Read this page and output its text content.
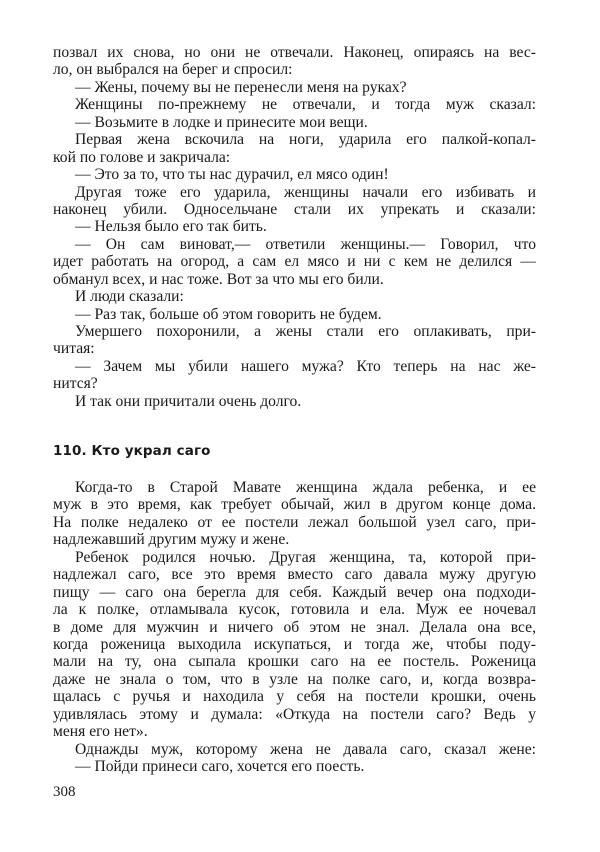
позвал их снова, но они не отвечали. Наконец, опираясь на вес-
ло, он выбрался на берег и спросил:
— Жены, почему вы не перенесли меня на руках?
Женщины по-прежнему не отвечали, и тогда муж сказал:
— Возьмите в лодке и принесите мои вещи.
Первая жена вскочила на ноги, ударила его палкой-копал-
кой по голове и закричала:
— Это за то, что ты нас дурачил, ел мясо один!
Другая тоже его ударила, женщины начали его избивать и
наконец убили. Односельчане стали их упрекать и сказали:
— Нельзя было его так бить.
— Он сам виноват,— ответили женщины.— Говорил, что
идет работать на огород, а сам ел мясо и ни с кем не делился —
обманул всех, и нас тоже. Вот за что мы его били.
И люди сказали:
— Раз так, больше об этом говорить не будем.
Умершего похоронили, а жены стали его оплакивать, при-
читая:
— Зачем мы убили нашего мужа? Кто теперь на нас же-
нится?
И так они причитали очень долго.
110. Кто украл саго
Когда-то в Старой Мавате женщина ждала ребенка, и ее
муж в это время, как требует обычай, жил в другом конце дома.
На полке недалеко от ее постели лежал большой узел саго, при-
надлежавший другим мужу и жене.
Ребенок родился ночью. Другая женщина, та, которой при-
надлежал саго, все это время вместо саго давала мужу другую
пищу — саго она берегла для себя. Каждый вечер она подходи-
ла к полке, отламывала кусок, готовила и ела. Муж ее ночевал
в доме для мужчин и ничего об этом не знал. Делала она все,
когда роженица выходила искупаться, и тогда же, чтобы поду-
мали на ту, она сыпала крошки саго на ее постель. Роженица
даже не знала о том, что в узле на полке саго, и, когда возвра-
щалась с ручья и находила у себя на постели крошки, очень
удивлялась этому и думала: «Откуда на постели саго? Ведь у
меня его нет».
Однажды муж, которому жена не давала саго, сказал жене:
— Пойди принеси саго, хочется его поесть.
308
